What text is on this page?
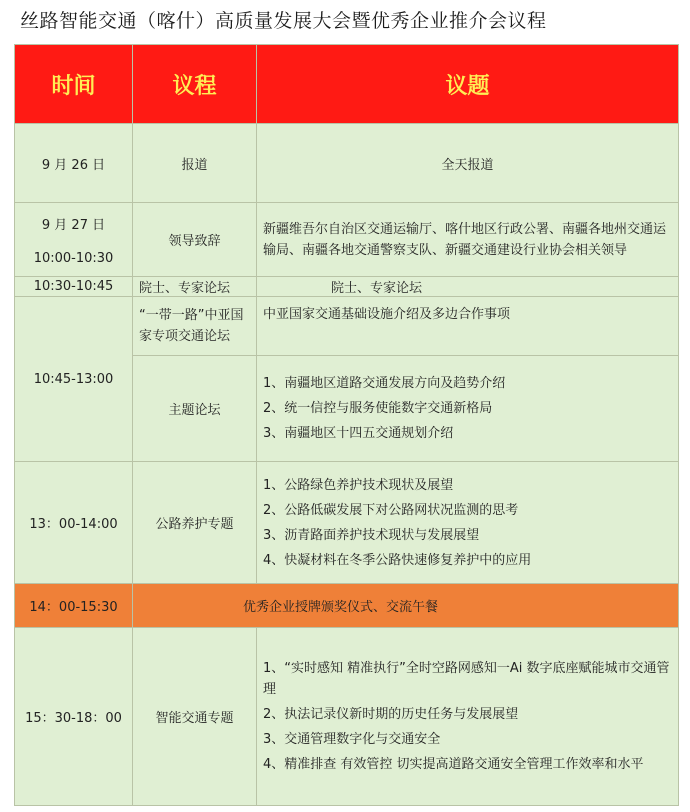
丝路智能交通（喀什）高质量发展大会暨优秀企业推介会议程
时间	议程	议题
9 月 26 日	报道	全天报道

9 月 27 日
10:00-10:30	领导致辞	新疆维吾尔自治区交通运输厅、喀什地区行政公署、南疆各地州交通运输局、南疆各地交通警察支队、新疆交通建设行业协会相关领导
10:30-10:45	院士、专家论坛	院士、专家论坛
10:45-13:00	“一带一路”中亚国家专项交通论坛	中亚国家交通基础设施介绍及多边合作事项
	主题论坛	1、南疆地区道路交通发展方向及趋势介绍
2、统一信控与服务使能数字交通新格局
3、南疆地区十四五交通规划介绍

13：00-14:00	公路养护专题	1、公路绿色养护技术现状及展望
2、公路低碳发展下对公路网状况监测的思考
3、沥青路面养护技术现状与发展展望
4、快凝材料在冬季公路快速修复养护中的应用

14：00-15:30	优秀企业授牌颁奖仪式、交流午餐	
15：30-18：00	智能交通专题	1、“实时感知 精准执行”全时空路网感知一Ai 数字底座赋能城市交通管理
2、执法记录仪新时期的历史任务与发展展望
3、交通管理数字化与交通安全
4、精准排查 有效管控 切实提高道路交通安全管理工作效率和水平
